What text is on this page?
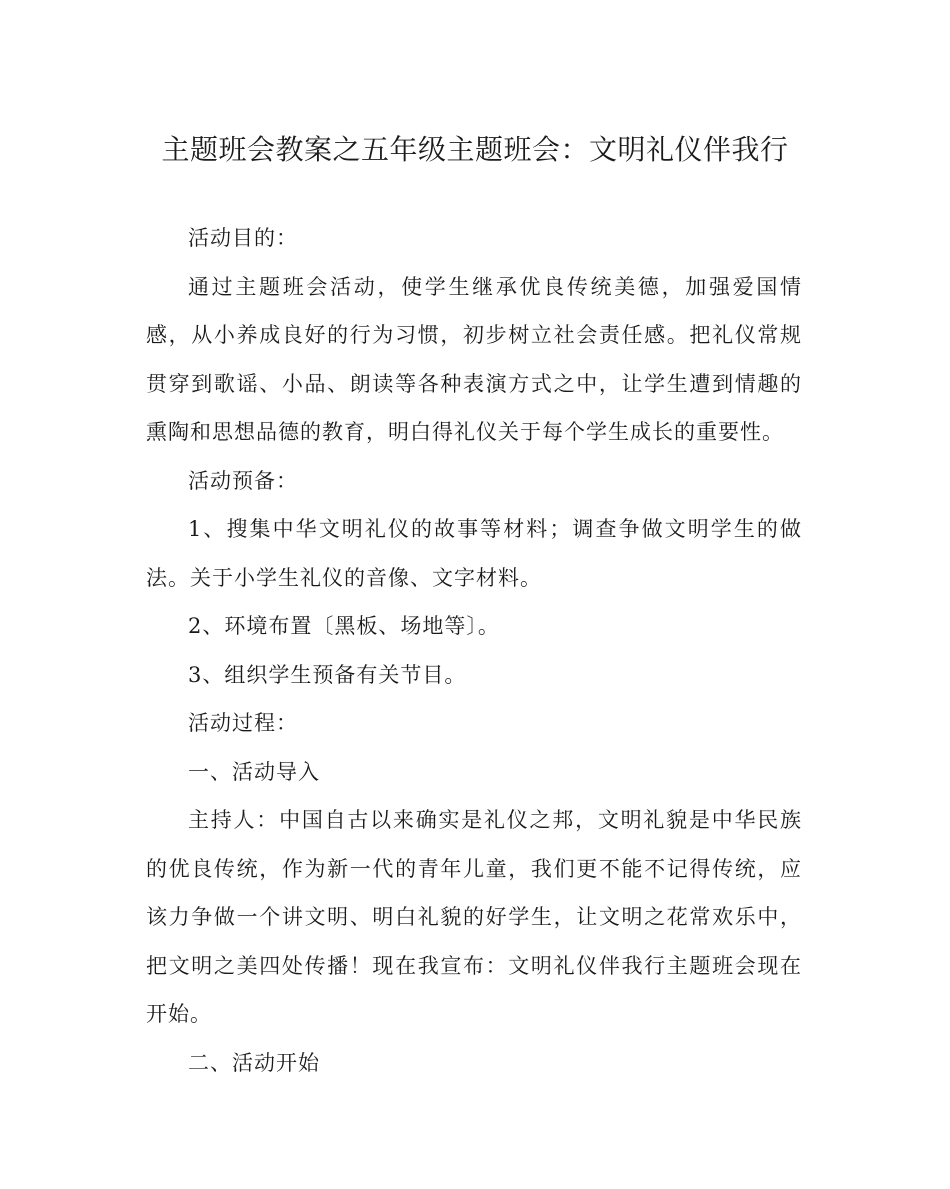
主题班会教案之五年级主题班会：文明礼仪伴我行

活动目的：

通过主题班会活动，使学生继承优良传统美德，加强爱国情感，从小养成良好的行为习惯，初步树立社会责任感。把礼仪常规贯穿到歌谣、小品、朗读等各种表演方式之中，让学生遭到情趣的熏陶和思想品德的教育，明白得礼仪关于每个学生成长的重要性。

活动预备：

1、搜集中华文明礼仪的故事等材料；调查争做文明学生的做法。关于小学生礼仪的音像、文字材料。

2、环境布置〔黑板、场地等〕。

3、组织学生预备有关节目。

活动过程：

一、活动导入

主持人：中国自古以来确实是礼仪之邦，文明礼貌是中华民族的优良传统，作为新一代的青年儿童，我们更不能不记得传统，应该力争做一个讲文明、明白礼貌的好学生，让文明之花常欢乐中，把文明之美四处传播！现在我宣布：文明礼仪伴我行主题班会现在开始。

二、活动开始
